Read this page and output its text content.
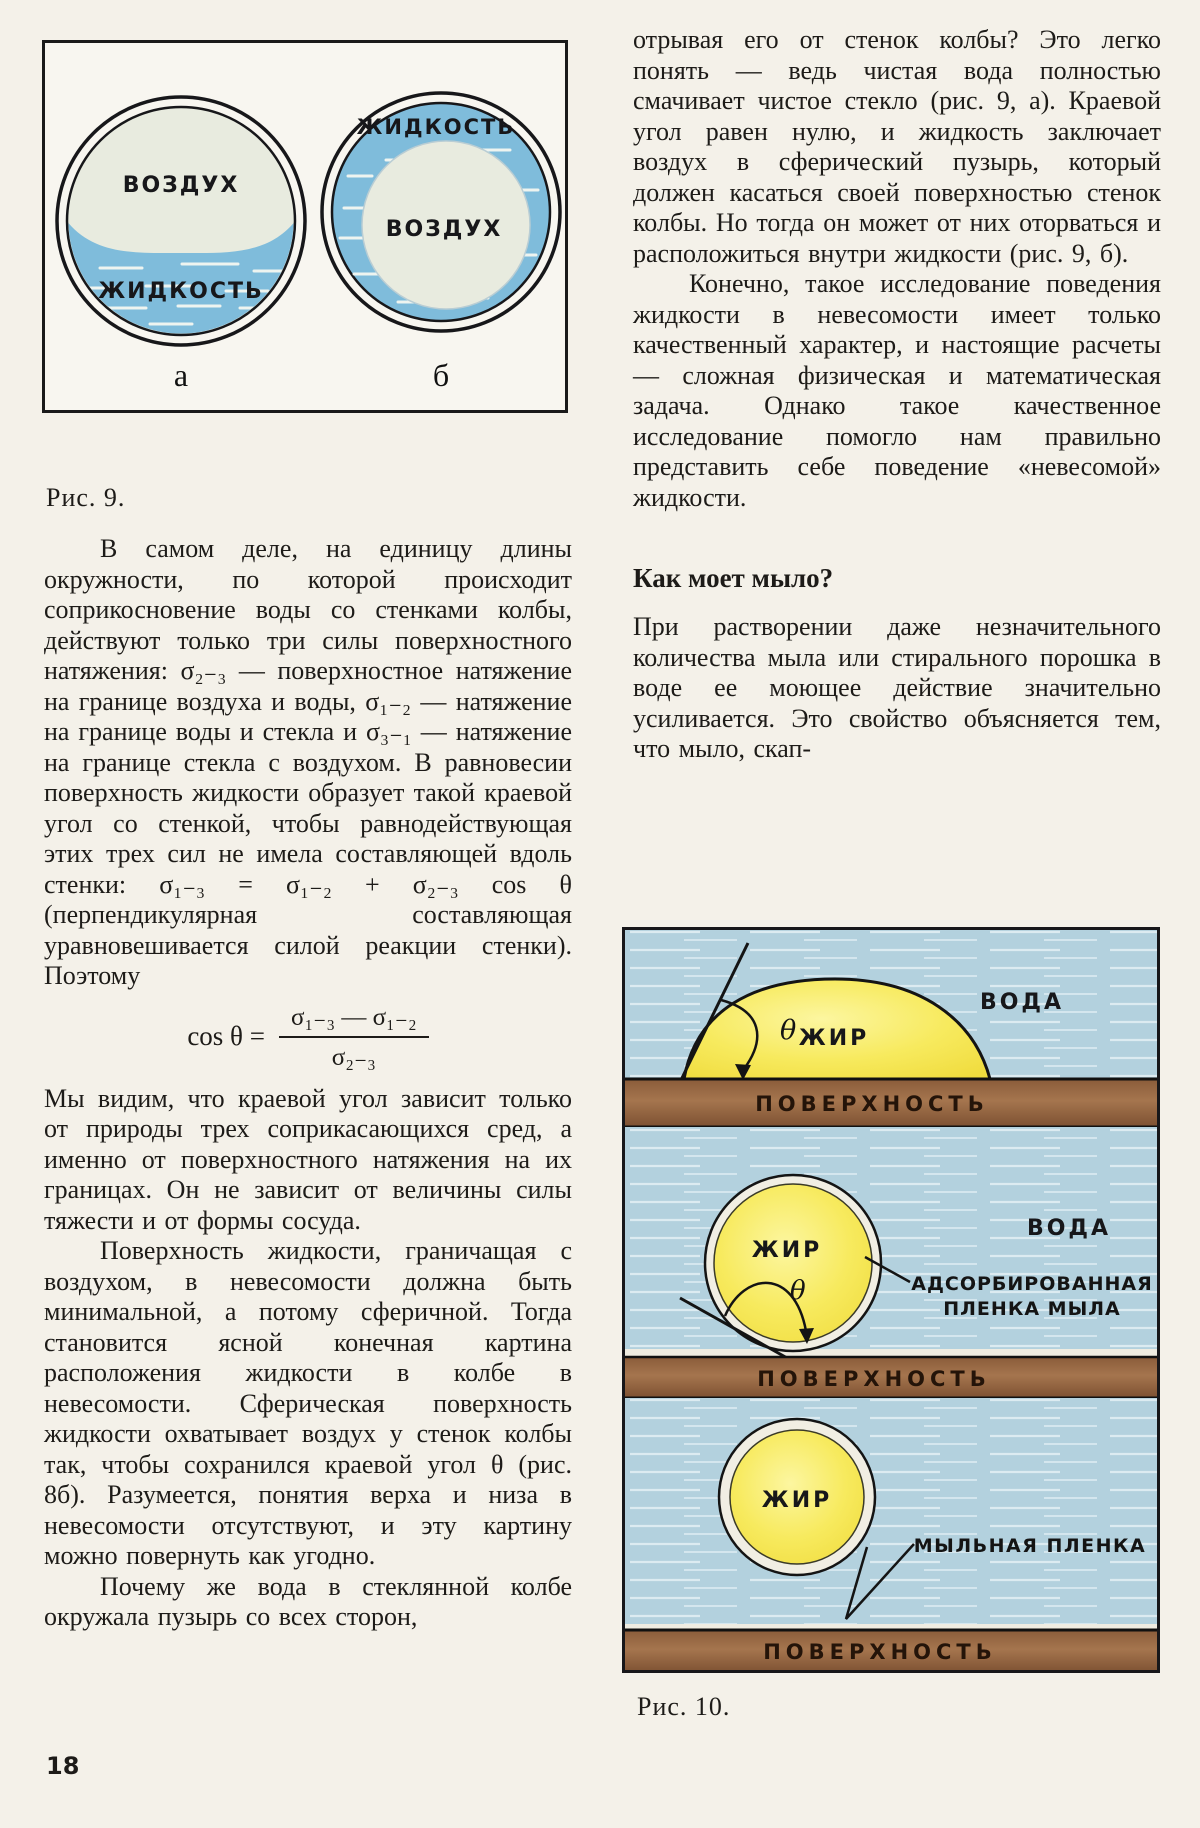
ВОЗДУХ
ЖИДКОСТЬ
а
ЖИДКОСТЬ
ВОЗДУХ
б
Рис. 9.

В самом деле, на единицу длины окружности, по которой происходит соприкосновение воды со стенками колбы, действуют только три силы поверхностного натяжения: σ₂₋₃ — поверхностное натяжение на границе воздуха и воды, σ₁₋₂ — натяжение на границе воды и стекла и σ₃₋₁ — натяжение на границе стекла с воздухом. В равновесии поверхность жидкости образует такой краевой угол со стенкой, чтобы равнодействующая этих трех сил не имела составляющей вдоль стенки: σ₁₋₃ = σ₁₋₂ + σ₂₋₃ cos θ (перпендикулярная составляющая уравновешивается силой реакции стенки). Поэтому

$\cos \theta = \frac{\text{σ₁₋₃ — σ₁₋₂}}{\text{σ₂₋₃}}$

Мы видим, что краевой угол зависит только от природы трех соприкасающихся сред, а именно от поверхностного натяжения на их границах. Он не зависит от величины силы тяжести и от формы сосуда.

Поверхность жидкости, граничащая с воздухом, в невесомости должна быть минимальной, а потому сферичной. Тогда становится ясной конечная картина расположения жидкости в колбе в невесомости. Сферическая поверхность жидкости охватывает воздух у стенок колбы так, чтобы сохранился краевой угол θ (рис. 8б). Разумеется, понятия верха и низа в невесомости отсутствуют, и эту картину можно повернуть как угодно.

Почему же вода в стеклянной колбе окружала пузырь со всех сторон,

18

отрывая его от стенок колбы? Это легко понять — ведь чистая вода полностью смачивает чистое стекло (рис. 9, а). Краевой угол равен нулю, и жидкость заключает воздух в сферический пузырь, который должен касаться своей поверхностью стенок колбы. Но тогда он может от них оторваться и расположиться внутри жидкости (рис. 9, б).

Конечно, такое исследование поведения жидкости в невесомости имеет только качественный характер, и настоящие расчеты — сложная физическая и математическая задача. Однако такое качественное исследование помогло нам правильно представить себе поведение «невесомой» жидкости.

Как моет мыло?

При растворении даже незначительного количества мыла или стирального порошка в воде ее моющее действие значительно усиливается. Это свойство объясняется тем, что мыло, скап-

θ ЖИР
ВОДА
ПОВЕРХНОСТЬ
ЖИР
θ
ВОДА
АДСОРБИРОВАННАЯ
ПЛЕНКА МЫЛА
ПОВЕРХНОСТЬ
ЖИР
МЫЛЬНАЯ ПЛЕНКА
ПОВЕРХНОСТЬ
Рис. 10.
